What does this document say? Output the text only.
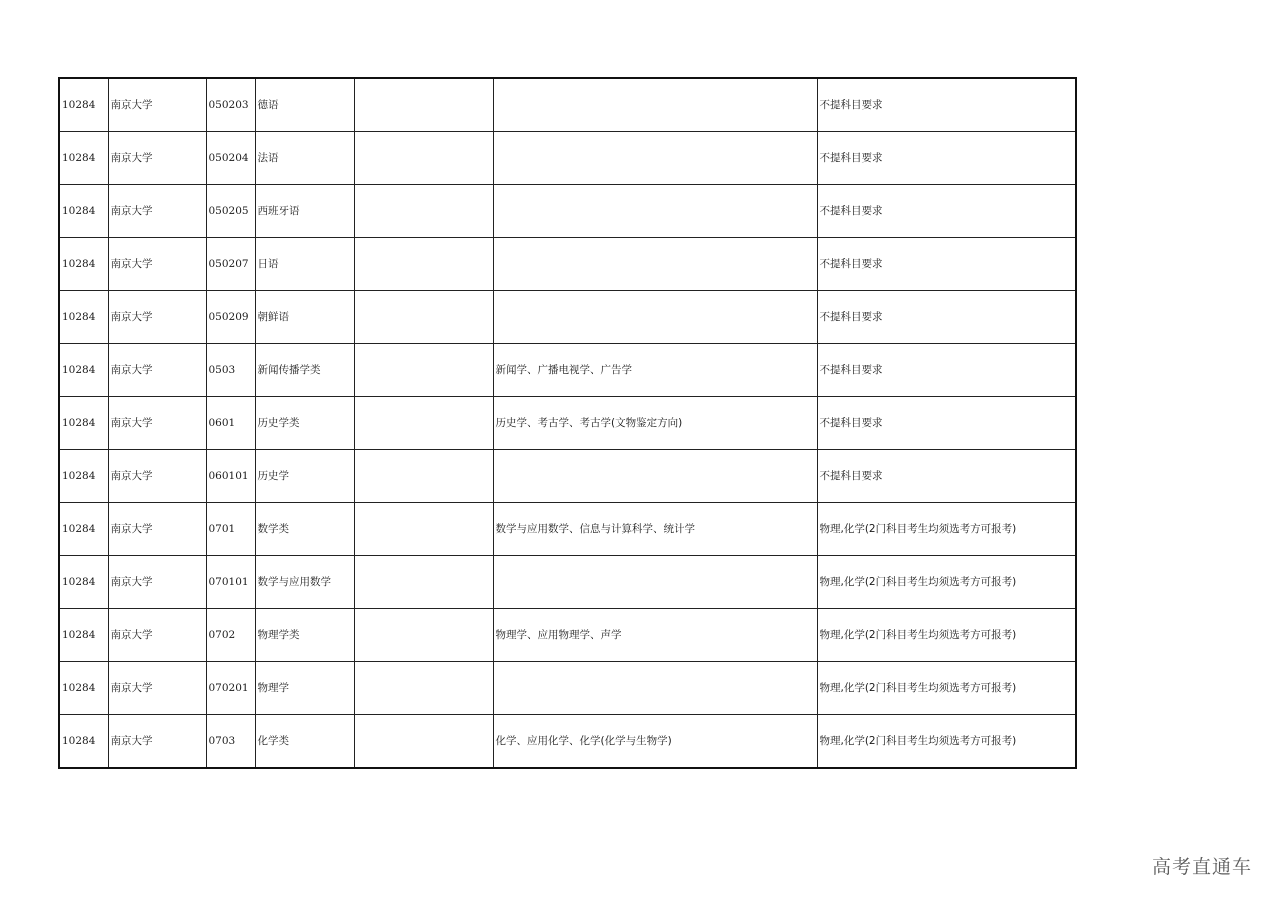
10284	南京大学	050203	德语			不提科目要求
10284	南京大学	050204	法语			不提科目要求
10284	南京大学	050205	西班牙语			不提科目要求
10284	南京大学	050207	日语			不提科目要求
10284	南京大学	050209	朝鲜语			不提科目要求
10284	南京大学	0503	新闻传播学类		新闻学、广播电视学、广告学	不提科目要求
10284	南京大学	0601	历史学类		历史学、考古学、考古学(文物鉴定方向)	不提科目要求
10284	南京大学	060101	历史学			不提科目要求
10284	南京大学	0701	数学类		数学与应用数学、信息与计算科学、统计学	物理,化学(2门科目考生均须选考方可报考)
10284	南京大学	070101	数学与应用数学			物理,化学(2门科目考生均须选考方可报考)
10284	南京大学	0702	物理学类		物理学、应用物理学、声学	物理,化学(2门科目考生均须选考方可报考)
10284	南京大学	070201	物理学			物理,化学(2门科目考生均须选考方可报考)
10284	南京大学	0703	化学类		化学、应用化学、化学(化学与生物学)	物理,化学(2门科目考生均须选考方可报考)
高考直通车
